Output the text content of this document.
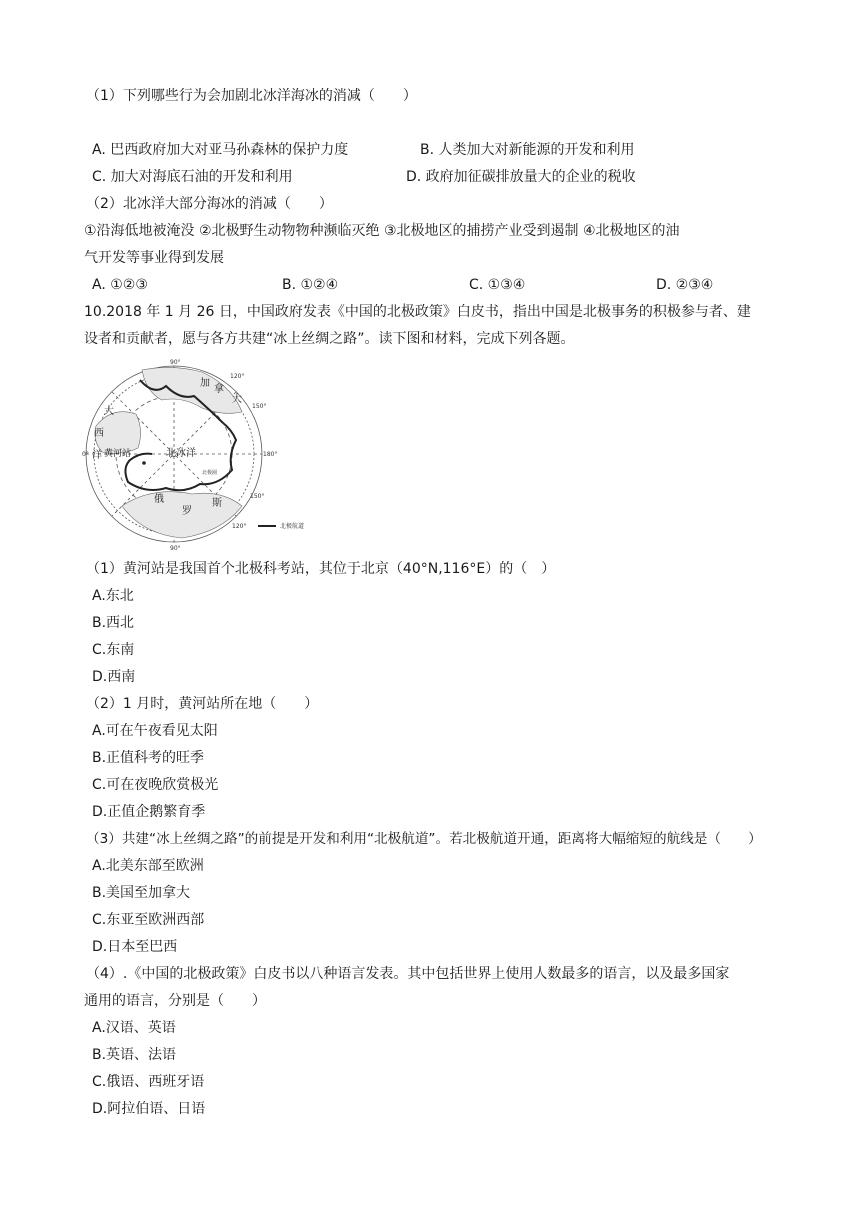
（1）下列哪些行为会加剧北冰洋海冰的消减（　　）
A. 巴西政府加大对亚马孙森林的保护力度	B. 人类加大对新能源的开发和利用
C. 加大对海底石油的开发和利用	D. 政府加征碳排放量大的企业的税收
（2）北冰洋大部分海冰的消减（　　）
①沿海低地被淹没 ②北极野生动物物种濒临灭绝 ③北极地区的捕捞产业受到遏制 ④北极地区的油
气开发等事业得到发展
A. ①②③	B. ①②④	C. ①③④	D. ②③④
10.2018 年 1 月 26 日，中国政府发表《中国的北极政策》白皮书，指出中国是北极事务的积极参与者、建
设者和贡献者，愿与各方共建“冰上丝绸之路”。读下图和材料，完成下列各题。
90°
120°
150°
180°
150°
120°
90°
0°
北极圈
北极航道
加
拿
大
大
西
洋
俄
罗
斯
黄河站	北冰洋
（1）黄河站是我国首个北极科考站，其位于北京（40°N,116°E）的（　）
A.东北
B.西北
C.东南
D.西南
（2）1 月时，黄河站所在地（　　）
A.可在午夜看见太阳
B.正值科考的旺季
C.可在夜晚欣赏极光
D.正值企鹅繁育季
（3）共建“冰上丝绸之路”的前提是开发和利用“北极航道”。若北极航道开通，距离将大幅缩短的航线是（　　）
A.北美东部至欧洲
B.美国至加拿大
C.东亚至欧洲西部
D.日本至巴西
（4）.《中国的北极政策》白皮书以八种语言发表。其中包括世界上使用人数最多的语言，以及最多国家
通用的语言，分别是（　　）
A.汉语、英语
B.英语、法语
C.俄语、西班牙语
D.阿拉伯语、日语
